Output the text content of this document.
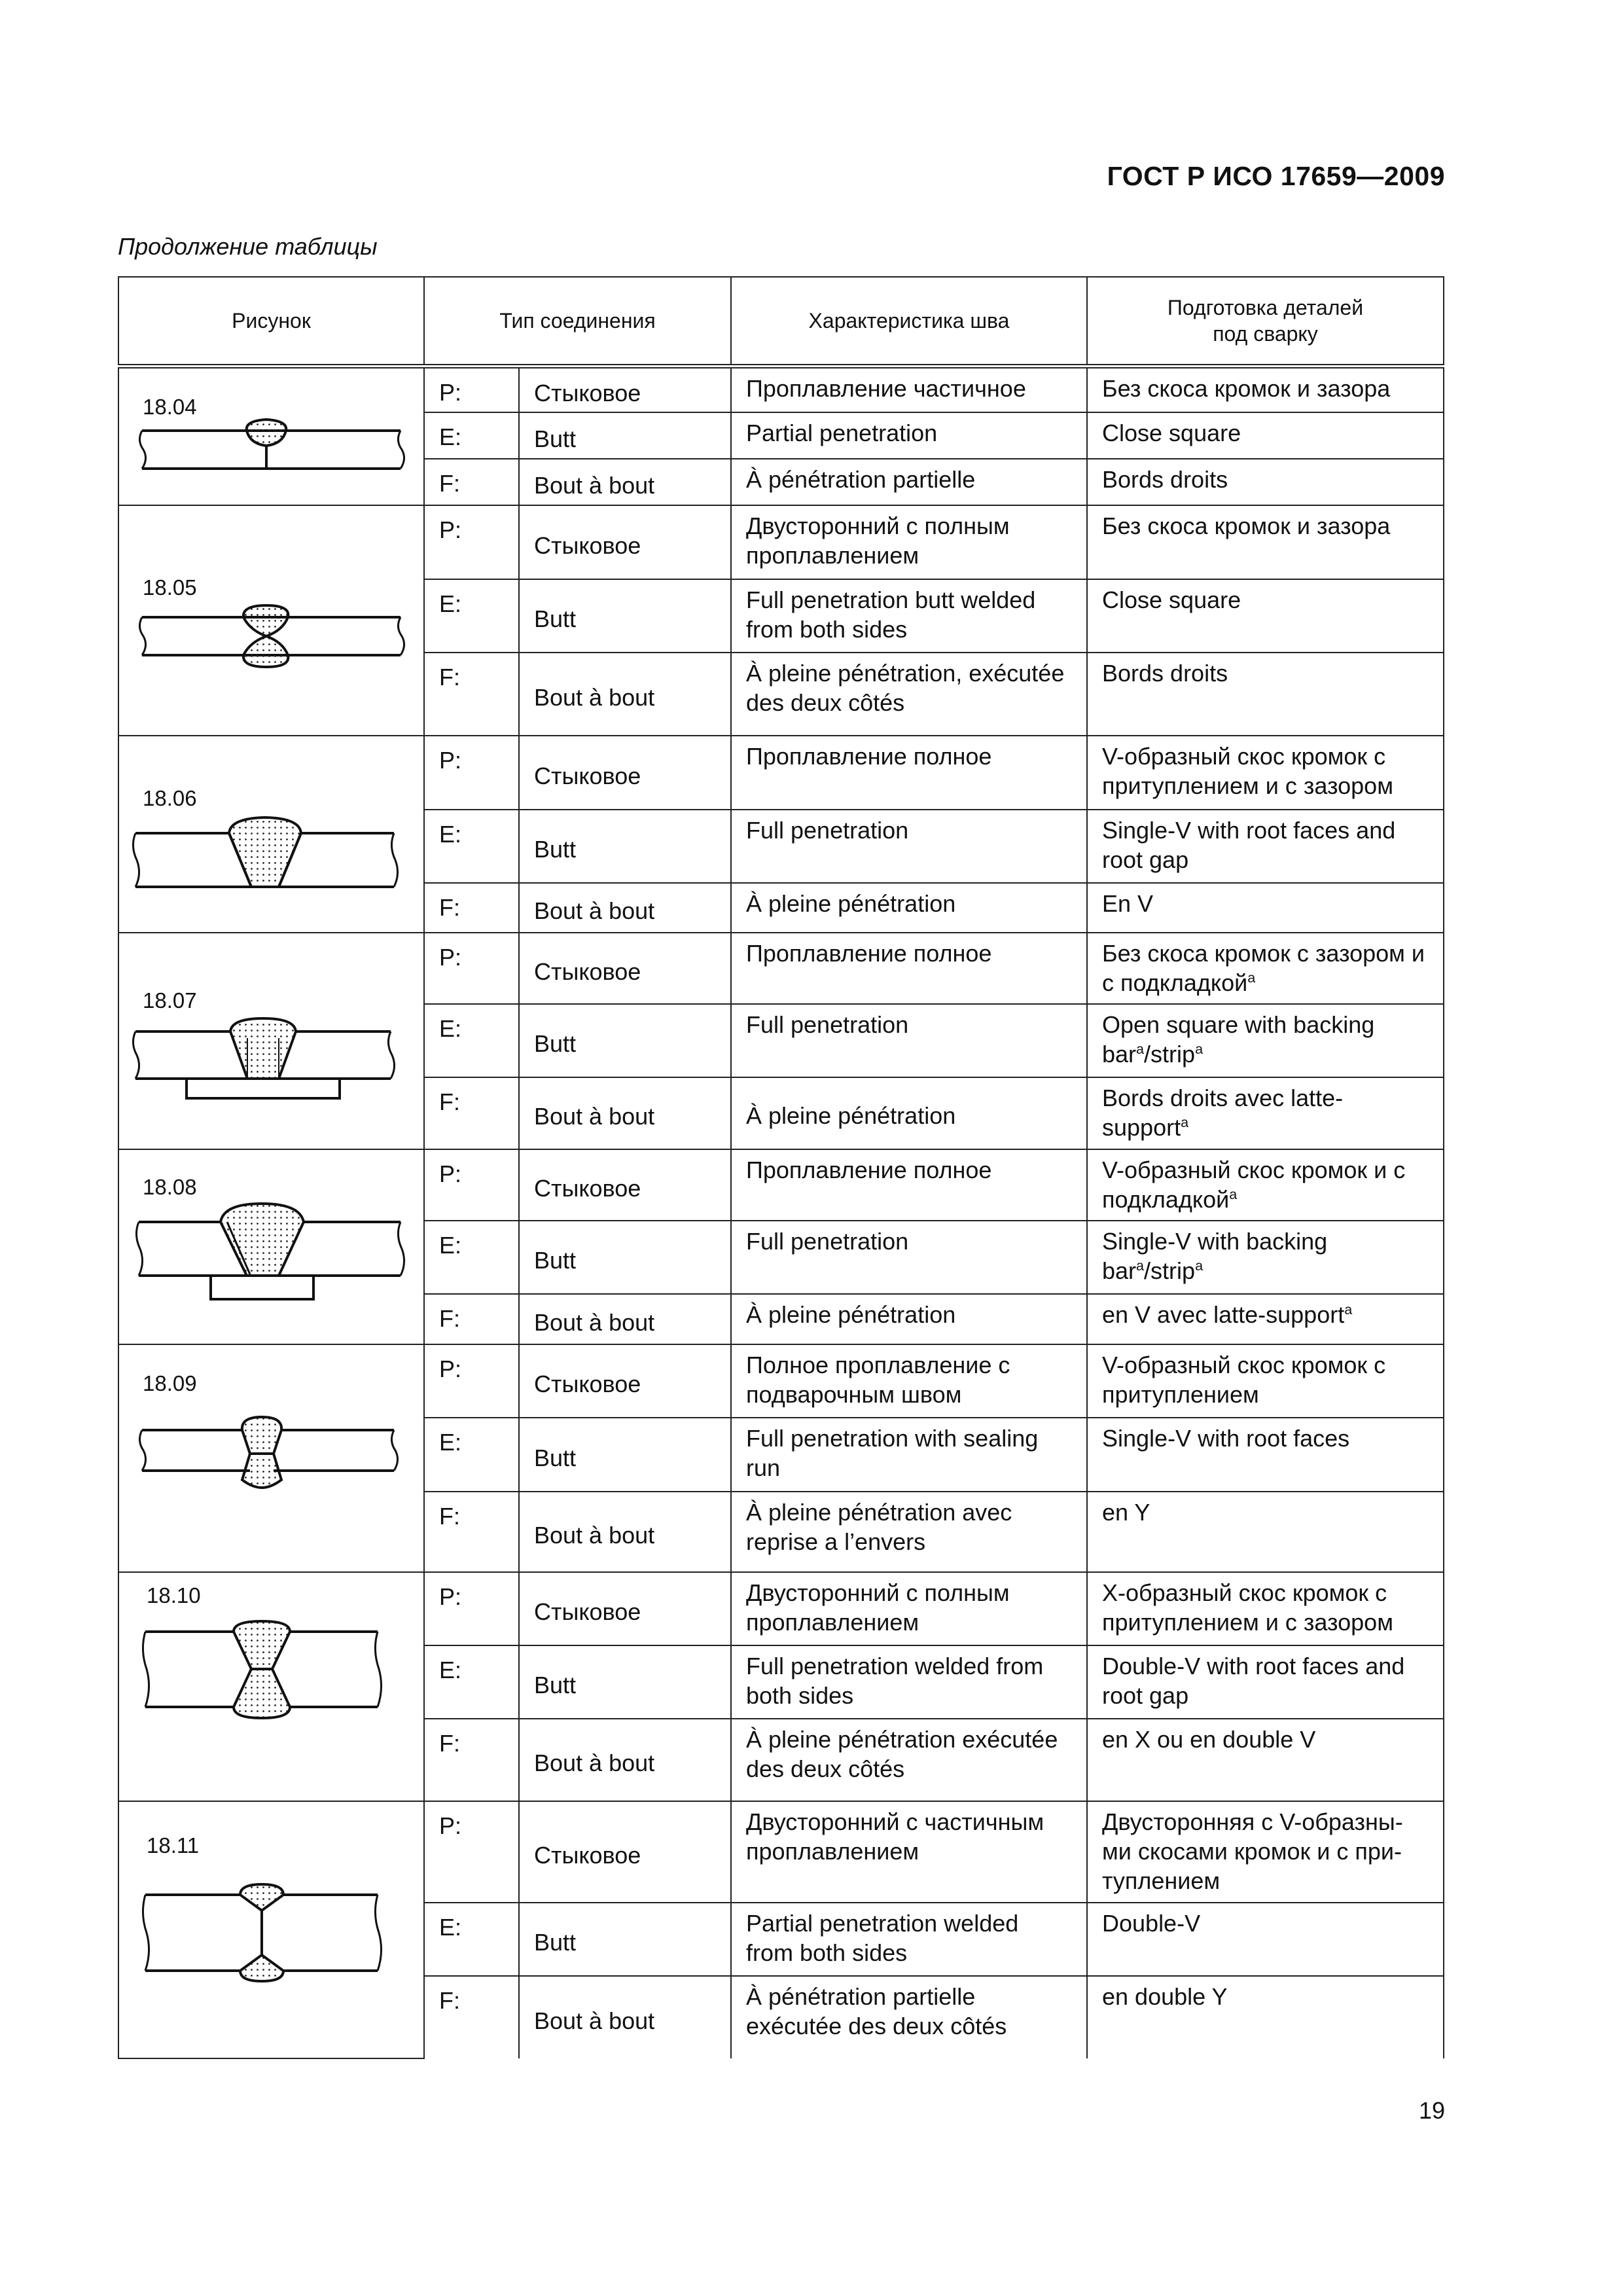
ГОСТ Р ИСО 17659—2009
Продолжение таблицы
Рисунок	Тип соединения		Характеристика шва	Подготовка деталей
под сварку

18.04	P:	Стыковое	Проплавление частичное	Без скоса кромок и зазора
	E:	Butt	Partial penetration	Close square
	F:	Bout à bout	À pénétration partielle	Bords droits

18.05	P:	Стыковое	Двусторонний с полным проплавлением	Без скоса кромок и зазора
	E:	Butt	Full penetration butt welded from both sides	Close square
	F:	Bout à bout	À pleine pénétration, exécutée des deux côtés	Bords droits

18.06	P:	Стыковое	Проплавление полное	V-образный скос кромок с притуплением и с зазором
	E:	Butt	Full penetration	Single-V with root faces and root gap
	F:	Bout à bout	À pleine pénétration	En V

18.07	P:	Стыковое	Проплавление полное	Без скоса кромок с зазором и с подкладкой$^a$
	E:	Butt	Full penetration	Open square with backing bar$^a$/strip$^a$
	F:	Bout à bout	À pleine pénétration	Bords droits avec latte-support$^a$

18.08	P:	Стыковое	Проплавление полное	V-образный скос кромок и с подкладкой$^a$
	E:	Butt	Full penetration	Single-V with backing bar$^a$/strip$^a$
	F:	Bout à bout	À pleine pénétration	en V avec latte-support$^a$

18.09	P:	Стыковое	Полное проплавление с подварочным швом	V-образный скос кромок с притуплением
	E:	Butt	Full penetration with sealing run	Single-V with root faces
	F:	Bout à bout	À pleine pénétration avec reprise a l’envers	en Y

18.10	P:	Стыковое	Двусторонний с полным проплавлением	X-образный скос кромок с притуплением и с зазором
	E:	Butt	Full penetration welded from both sides	Double-V with root faces and root gap
	F:	Bout à bout	À pleine pénétration exécutée des deux côtés	en X ou en double V

18.11	P:	Стыковое	Двусторонний с частичным проплавлением	Двусторонняя с V-образны-ми скосами кромок и с при-туплением
	E:	Butt	Partial penetration welded from both sides	Double-V
	F:	Bout à bout	À pénétration partielle exécutée des deux côtés	en double Y
19
